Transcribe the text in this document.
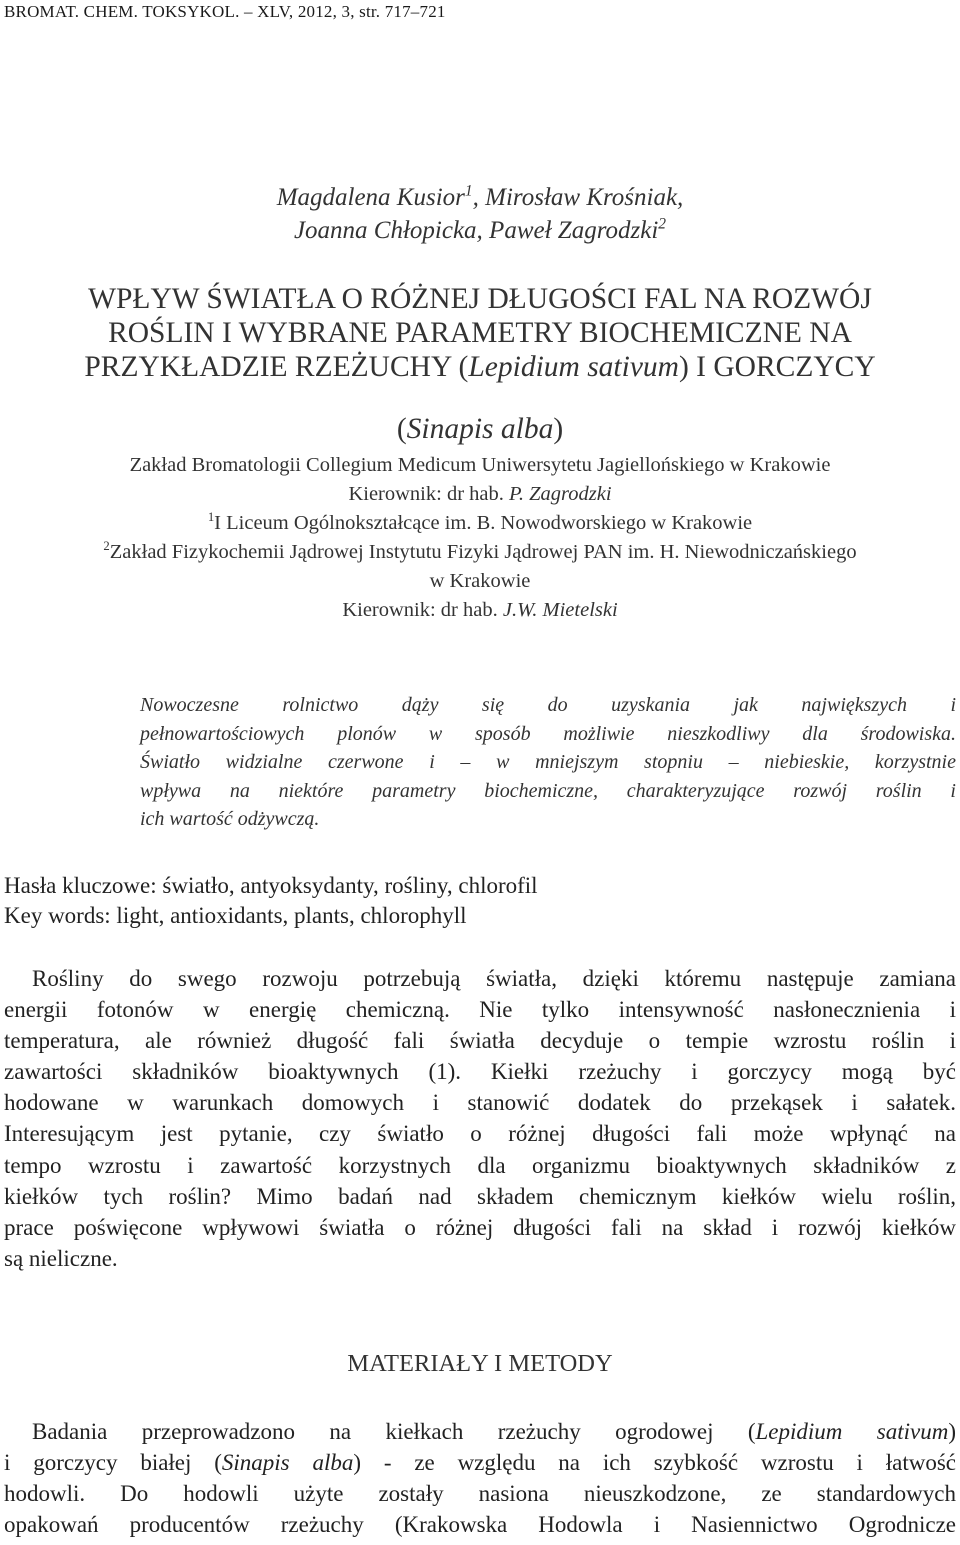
BROMAT. CHEM. TOKSYKOL. – XLV, 2012, 3, str. 717–721
Magdalena Kusior$^1$, Mirosław Krośniak,
Joanna Chłopicka, Paweł Zagrodzki$^2$
WPŁYW ŚWIATŁA O RÓŻNEJ DŁUGOŚCI FAL NA ROZWÓJ
ROŚLIN I WYBRANE PARAMETRY BIOCHEMICZNE NA
PRZYKŁADZIE RZEŻUCHY (Lepidium sativum) I GORCZYCY
(Sinapis alba)
Zakład Bromatologii Collegium Medicum Uniwersytetu Jagiellońskiego w Krakowie
Kierownik: dr hab. P. Zagrodzki
$^1$I Liceum Ogólnokształcące im. B. Nowodworskiego w Krakowie
$^2$Zakład Fizykochemii Jądrowej Instytutu Fizyki Jądrowej PAN im. H. Niewodniczańskiego
w Krakowie
Kierownik: dr hab. J.W. Mietelski
Nowoczesne rolnictwo dąży się do uzyskania jak największych i
pełnowartościowych plonów w sposób możliwie nieszkodliwy dla środowiska.
Światło widzialne czerwone i – w mniejszym stopniu – niebieskie, korzystnie
wpływa na niektóre parametry biochemiczne, charakteryzujące rozwój roślin i
ich wartość odżywczą.
Hasła kluczowe: światło, antyoksydanty, rośliny, chlorofil
Key words: light, antioxidants, plants, chlorophyll
Rośliny do swego rozwoju potrzebują światła, dzięki któremu następuje zamiana
energii fotonów w energię chemiczną. Nie tylko intensywność nasłonecznienia i
temperatura, ale również długość fali światła decyduje o tempie wzrostu roślin i
zawartości składników bioaktywnych (1). Kiełki rzeżuchy i gorczycy mogą być
hodowane w warunkach domowych i stanowić dodatek do przekąsek i sałatek.
Interesującym jest pytanie, czy światło o różnej długości fali może wpłynąć na
tempo wzrostu i zawartość korzystnych dla organizmu bioaktywnych składników z
kiełków tych roślin? Mimo badań nad składem chemicznym kiełków wielu roślin,
prace poświęcone wpływowi światła o różnej długości fali na skład i rozwój kiełków
są nieliczne.
MATERIAŁY I METODY
Badania przeprowadzono na kiełkach rzeżuchy ogrodowej (Lepidium sativum)
i gorczycy białej (Sinapis alba) - ze względu na ich szybkość wzrostu i łatwość
hodowli. Do hodowli użyte zostały nasiona nieuszkodzone, ze standardowych
opakowań producentów rzeżuchy (Krakowska Hodowla i Nasiennictwo Ogrodnicze
